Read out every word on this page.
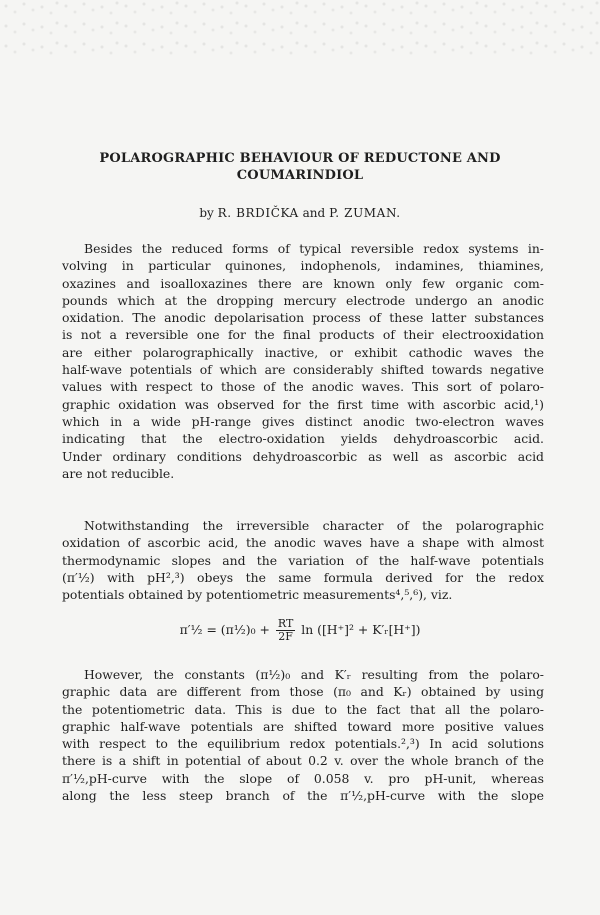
POLAROGRAPHIC BEHAVIOUR OF REDUCTONE AND
COUMARINDIOL
by R. BRDIČKA and P. ZUMAN.
Besides the reduced forms of typical reversible redox systems in-
volving in particular quinones, indophenols, indamines, thiamines,
oxazines and isoalloxazines there are known only few organic com-
pounds which at the dropping mercury electrode undergo an anodic
oxidation. The anodic depolarisation process of these latter substances
is not a reversible one for the final products of their electrooxidation
are either polarographically inactive, or exhibit cathodic waves the
half-wave potentials of which are considerably shifted towards negative
values with respect to those of the anodic waves. This sort of polaro-
graphic oxidation was observed for the first time with ascorbic acid,¹)
which in a wide pH-range gives distinct anodic two-electron waves
indicating that the electro-oxidation yields dehydroascorbic acid.
Under ordinary conditions dehydroascorbic as well as ascorbic acid
are not reducible.
Notwithstanding the irreversible character of the polarographic
oxidation of ascorbic acid, the anodic waves have a shape with almost
thermodynamic slopes and the variation of the half-wave potentials
(π′½) with pH²,³) obeys the same formula derived for the redox
potentials obtained by potentiometric measurements⁴,⁵,⁶), viz.
π′½ = (π½)₀ + $\frac{RT}{2F}$ ln ([H⁺]² + K′ᵣ[H⁺])
However, the constants (π½)₀ and K′ᵣ resulting from the polaro-
graphic data are different from those (π₀ and Kᵣ) obtained by using
the potentiometric data. This is due to the fact that all the polaro-
graphic half-wave potentials are shifted toward more positive values
with respect to the equilibrium redox potentials.²,³) In acid solutions
there is a shift in potential of about 0.2 v. over the whole branch of the
π′½,pH-curve with the slope of 0.058 v. pro pH-unit, whereas
along the less steep branch of the π′½,pH-curve with the slope
